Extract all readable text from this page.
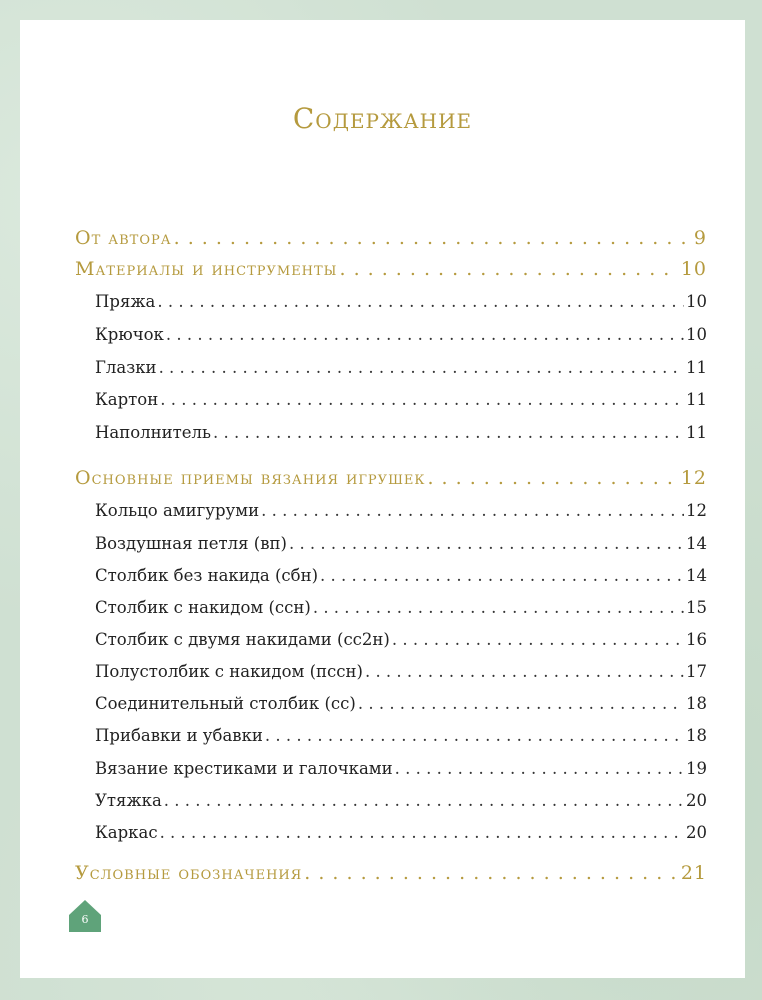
Содержание
От автора . . .	9
Материалы и инструменты . . .	10
Пряжа . . .	10
Крючок . . .	10
Глазки . . .	11
Картон . . .	11
Наполнитель . . .	11
Основные приемы вязания игрушек . . .	12
Кольцо амигуруми . . .	12
Воздушная петля (вп) . . .	14
Столбик без накида (сбн) . . .	14
Столбик с накидом (ссн) . . .	15
Столбик с двумя накидами (сс2н) . . .	16
Полустолбик с накидом (пссн) . . .	17
Соединительный столбик (сс) . . .	18
Прибавки и убавки . . .	18
Вязание крестиками и галочками . . .	19
Утяжка . . .	20
Каркас . . .	20
Условные обозначения . . .	21
6
